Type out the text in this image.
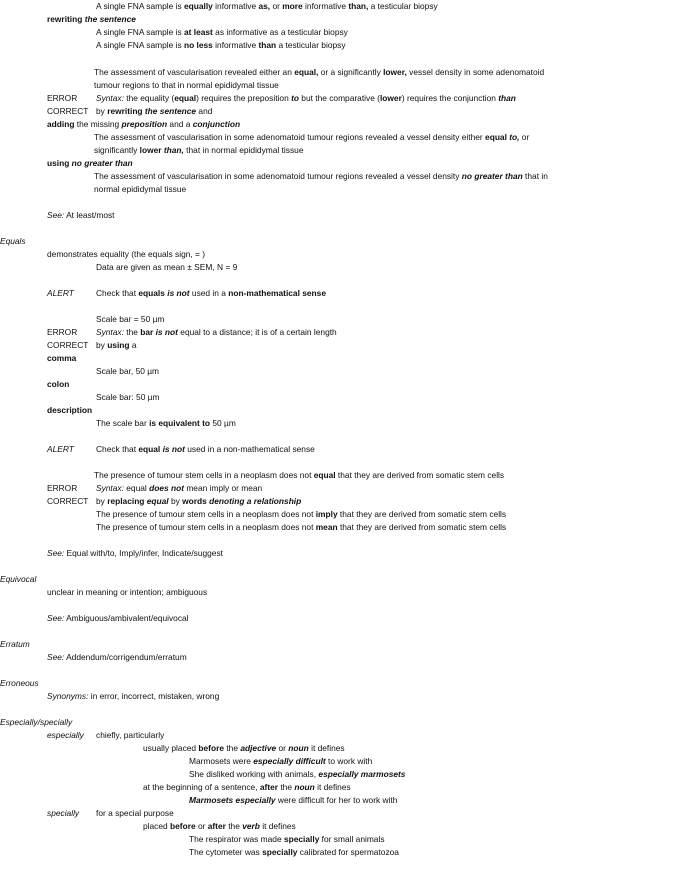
A single FNA sample is equally informative as, or more informative than, a testicular biopsy
rewriting the sentence
A single FNA sample is at least as informative as a testicular biopsy
A single FNA sample is no less informative than a testicular biopsy
The assessment of vascularisation revealed either an equal, or a significantly lower, vessel density in some adenomatoid
tumour regions to that in normal epididymal tissue
ERROR Syntax: the equality (equal) requires the preposition to but the comparative (lower) requires the conjunction than
CORRECT by rewriting the sentence and
adding the missing preposition and a conjunction
The assessment of vascularisation in some adenomatoid tumour regions revealed a vessel density either equal to, or
significantly lower than, that in normal epididymal tissue
using no greater than
The assessment of vascularisation in some adenomatoid tumour regions revealed a vessel density no greater than that in
normal epididymal tissue
See: At least/most
Equals
demonstrates equality (the equals sign, = )
Data are given as mean ± SEM, N = 9
ALERT	Check that equals is not used in a non-mathematical sense
Scale bar = 50 µm
ERROR Syntax: the bar is not equal to a distance; it is of a certain length
CORRECT by using a
comma
Scale bar, 50 µm
colon
Scale bar: 50 µm
description
The scale bar is equivalent to 50 µm
ALERT	Check that equal is not used in a non-mathematical sense
The presence of tumour stem cells in a neoplasm does not equal that they are derived from somatic stem cells
ERROR Syntax: equal does not mean imply or mean
CORRECT by replacing equal by words denoting a relationship
The presence of tumour stem cells in a neoplasm does not imply that they are derived from somatic stem cells
The presence of tumour stem cells in a neoplasm does not mean that they are derived from somatic stem cells
See: Equal with/to, Imply/infer, Indicate/suggest
Equivocal
unclear in meaning or intention; ambiguous
See: Ambiguous/ambivalent/equivocal
Erratum
See: Addendum/corrigendum/erratum
Erroneous
Synonyms: in error, incorrect, mistaken, wrong
Especially/specially
especially chiefly, particularly
usually placed before the adjective or noun it defines
Marmosets were especially difficult to work with
She disliked working with animals, especially marmosets
at the beginning of a sentence, after the noun it defines
Marmosets especially were difficult for her to work with
specially for a special purpose
placed before or after the verb it defines
The respirator was made specially for small animals
The cytometer was specially calibrated for spermatozoa
